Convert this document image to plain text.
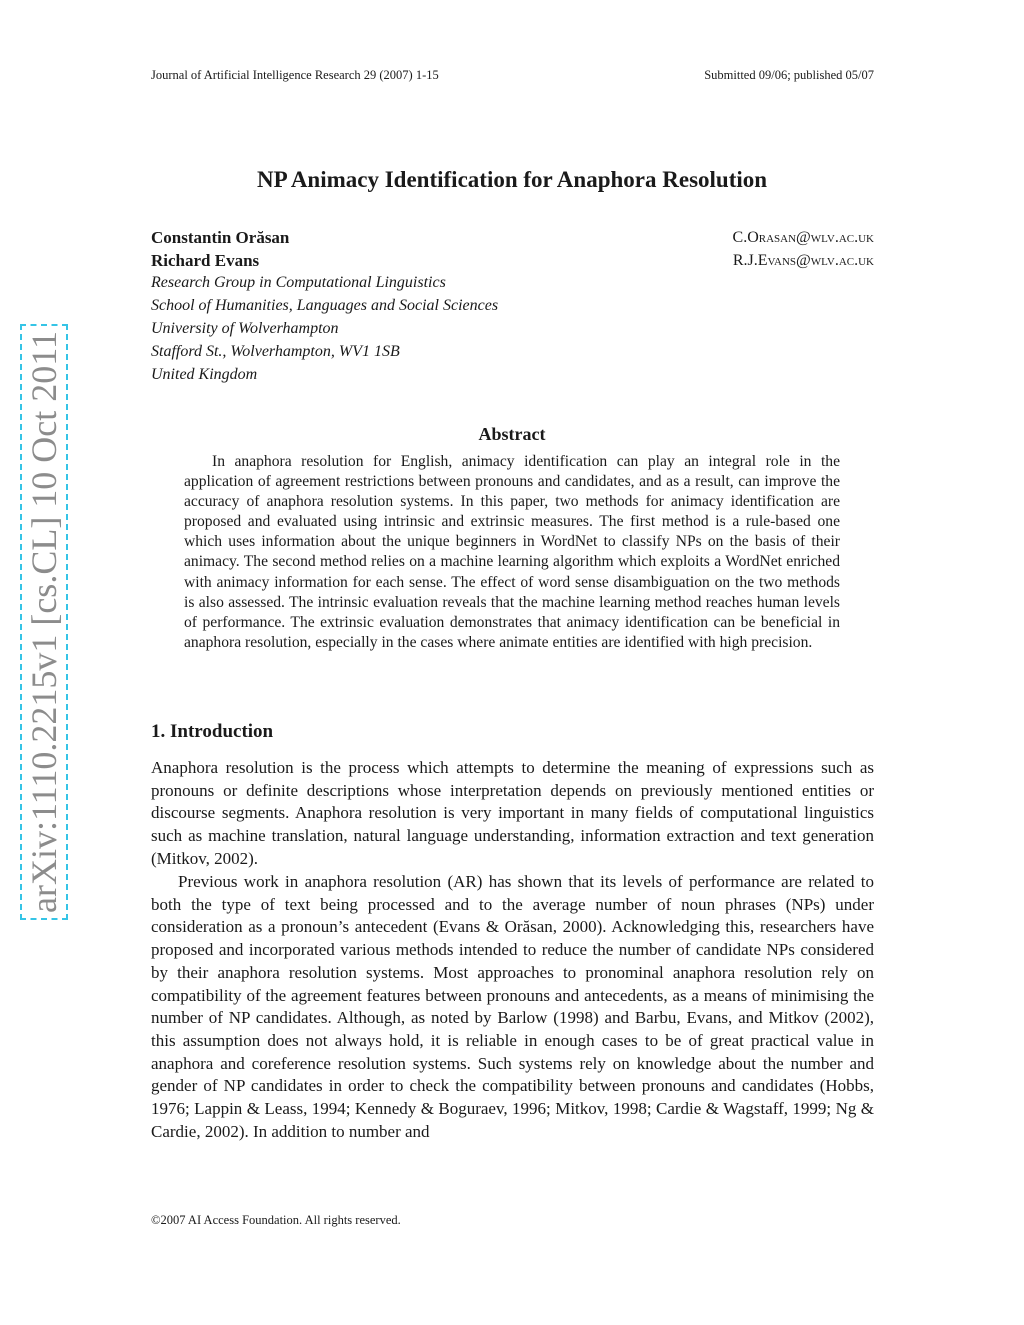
Journal of Artificial Intelligence Research 29 (2007) 1-15	Submitted 09/06; published 05/07
arXiv:1110.2215v1 [cs.CL] 10 Oct 2011
NP Animacy Identification for Anaphora Resolution
Constantin Orăsan	C.Orasan@wlv.ac.uk
Richard Evans	R.J.Evans@wlv.ac.uk
Research Group in Computational Linguistics
School of Humanities, Languages and Social Sciences
University of Wolverhampton
Stafford St., Wolverhampton, WV1 1SB
United Kingdom
Abstract

In anaphora resolution for English, animacy identification can play an integral role in the application of agreement restrictions between pronouns and candidates, and as a result, can improve the accuracy of anaphora resolution systems. In this paper, two methods for animacy identification are proposed and evaluated using intrinsic and extrinsic measures. The first method is a rule-based one which uses information about the unique beginners in WordNet to classify NPs on the basis of their animacy. The second method relies on a machine learning algorithm which exploits a WordNet enriched with animacy information for each sense. The effect of word sense disambiguation on the two methods is also assessed. The intrinsic evaluation reveals that the machine learning method reaches human levels of performance. The extrinsic evaluation demonstrates that animacy identification can be beneficial in anaphora resolution, especially in the cases where animate entities are identified with high precision.

1. Introduction

Anaphora resolution is the process which attempts to determine the meaning of expressions such as pronouns or definite descriptions whose interpretation depends on previously mentioned entities or discourse segments. Anaphora resolution is very important in many fields of computational linguistics such as machine translation, natural language understanding, information extraction and text generation (Mitkov, 2002).

Previous work in anaphora resolution (AR) has shown that its levels of performance are related to both the type of text being processed and to the average number of noun phrases (NPs) under consideration as a pronoun’s antecedent (Evans & Orăsan, 2000). Acknowledging this, researchers have proposed and incorporated various methods intended to reduce the number of candidate NPs considered by their anaphora resolution systems. Most approaches to pronominal anaphora resolution rely on compatibility of the agreement features between pronouns and antecedents, as a means of minimising the number of NP candidates. Although, as noted by Barlow (1998) and Barbu, Evans, and Mitkov (2002), this assumption does not always hold, it is reliable in enough cases to be of great practical value in anaphora and coreference resolution systems. Such systems rely on knowledge about the number and gender of NP candidates in order to check the compatibility between pronouns and candidates (Hobbs, 1976; Lappin & Leass, 1994; Kennedy & Boguraev, 1996; Mitkov, 1998; Cardie & Wagstaff, 1999; Ng & Cardie, 2002). In addition to number and

©2007 AI Access Foundation. All rights reserved.
